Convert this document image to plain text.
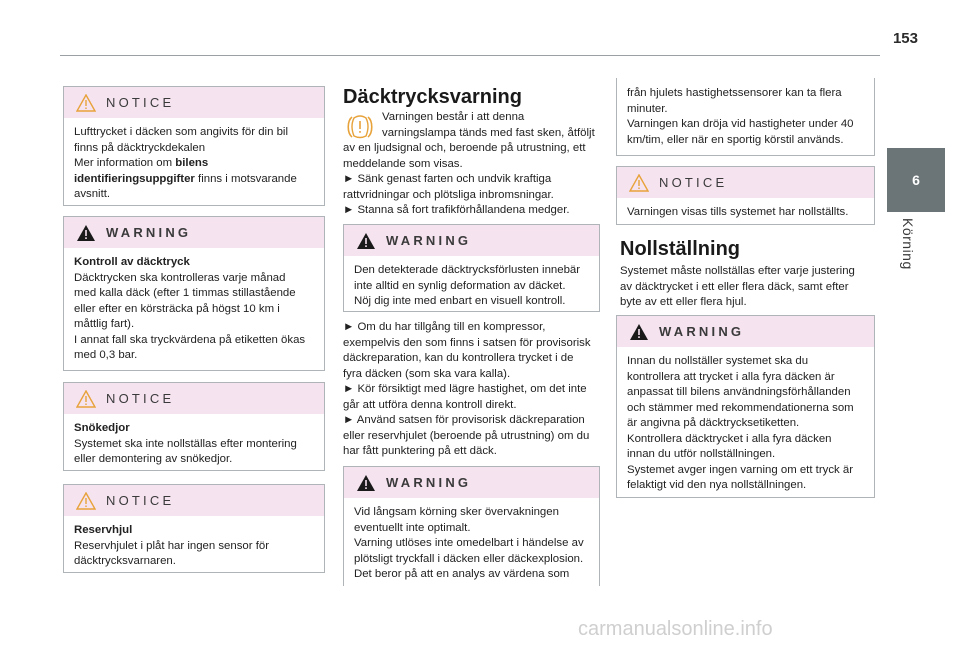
153
6
Körning
NOTICE
Lufttrycket i däcken som angivits för din bil
finns på däcktryckdekalen
Mer information om bilens
identifieringsuppgifter finns i motsvarande
avsnitt.
WARNING
Kontroll av däcktryck
Däcktrycken ska kontrolleras varje månad
med kalla däck (efter 1 timmas stillastående
eller efter en körsträcka på högst 10 km i
måttlig fart).
I annat fall ska tryckvärdena på etiketten ökas
med 0,3 bar.
NOTICE
Snökedjor
Systemet ska inte nollställas efter montering
eller demontering av snökedjor.
NOTICE
Reservhjul
Reservhjulet i plåt har ingen sensor för
däcktrycksvarnaren.
Däcktrycksvarning
Varningen består i att denna
varningslampa tänds med fast sken, åtföljt
av en ljudsignal och, beroende på utrustning, ett
meddelande som visas.
► Sänk genast farten och undvik kraftiga
rattvridningar och plötsliga inbromsningar.
► Stanna så fort trafikförhållandena medger.
WARNING
Den detekterade däcktrycksförlusten innebär
inte alltid en synlig deformation av däcket.
Nöj dig inte med enbart en visuell kontroll.
► Om du har tillgång till en kompressor,
exempelvis den som finns i satsen för provisorisk
däckreparation, kan du kontrollera trycket i de
fyra däcken (som ska vara kalla).
► Kör försiktigt med lägre hastighet, om det inte
går att utföra denna kontroll direkt.
► Använd satsen för provisorisk däckreparation
eller reservhjulet (beroende på utrustning) om du
har fått punktering på ett däck.
WARNING
Vid långsam körning sker övervakningen
eventuellt inte optimalt.
Varning utlöses inte omedelbart i händelse av
plötsligt tryckfall i däcken eller däckexplosion.
Det beror på att en analys av värdena som
från hjulets hastighetssensorer kan ta flera
minuter.
Varningen kan dröja vid hastigheter under 40
km/tim, eller när en sportig körstil används.
NOTICE
Varningen visas tills systemet har nollställts.
Nollställning
Systemet måste nollställas efter varje justering
av däcktrycket i ett eller flera däck, samt efter
byte av ett eller flera hjul.
WARNING
Innan du nollställer systemet ska du
kontrollera att trycket i alla fyra däcken är
anpassat till bilens användningsförhållanden
och stämmer med rekommendationerna som
är angivna på däcktrycksetiketten.
Kontrollera däcktrycket i alla fyra däcken
innan du utför nollställningen.
Systemet avger ingen varning om ett tryck är
felaktigt vid den nya nollställningen.
carmanualsonline.info
